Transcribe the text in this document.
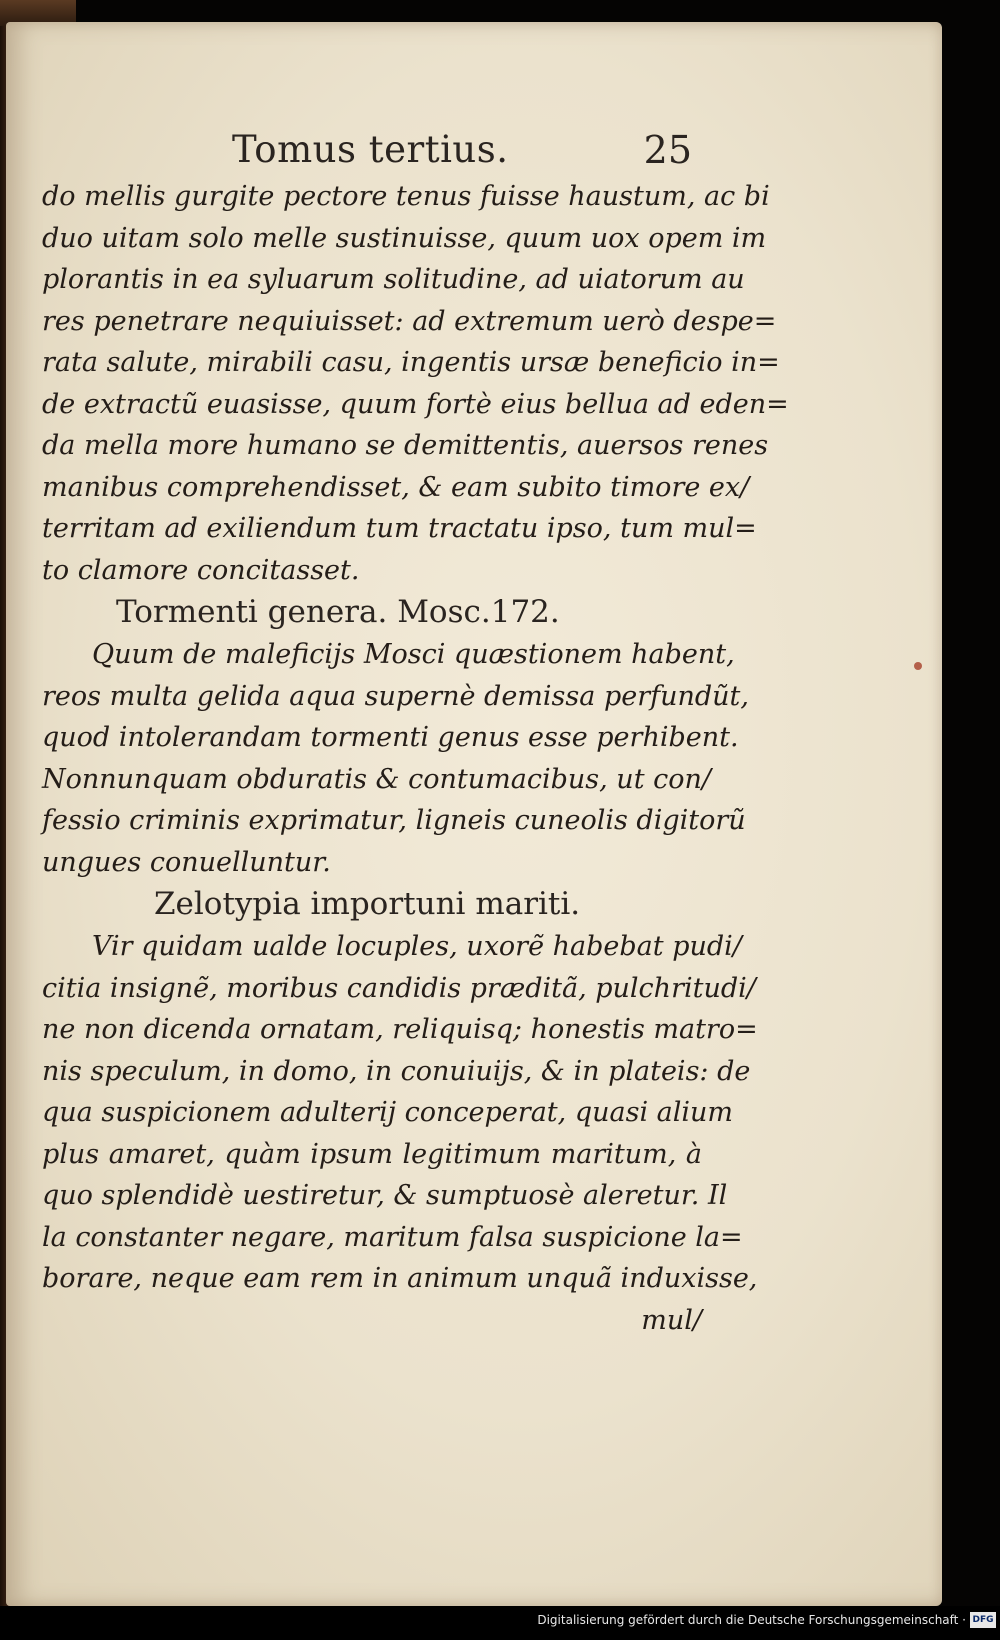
Tomus tertius.	25
do mellis gurgite pectore tenus fuisse haustum, ac bi
duo uitam solo melle sustinuisse, quum uox opem im
plorantis in ea syluarum solitudine, ad uiatorum au
res penetrare nequiuisset: ad extremum uerò despe=
rata salute, mirabili casu, ingentis ursæ beneficio in=
de extractũ euasisse, quum fortè eius bellua ad eden=
da mella more humano se demittentis, auersos renes
manibus comprehendisset, & eam subito timore ex/
territam ad exiliendum tum tractatu ipso, tum mul=
to clamore concitasset.
Tormenti genera. Mosc.172.
Quum de maleficijs Mosci quæstionem habent,
reos multa gelida aqua supernè demissa perfundũt,
quod intolerandam tormenti genus esse perhibent.
Nonnunquam obduratis & contumacibus, ut con/
fessio criminis exprimatur, ligneis cuneolis digitorũ
ungues conuelluntur.
Zelotypia importuni mariti.
Vir quidam ualde locuples, uxorẽ habebat pudi/
citia insignẽ, moribus candidis præditã, pulchritudi/
ne non dicenda ornatam, reliquisq; honestis matro=
nis speculum, in domo, in conuiuijs, & in plateis: de
qua suspicionem adulterij conceperat, quasi alium
plus amaret, quàm ipsum legitimum maritum, à
quo splendidè uestiretur, & sumptuosè aleretur. Il
la constanter negare, maritum falsa suspicione la=
borare, neque eam rem in animum unquã induxisse,
mul/
Digitalisierung gefördert durch die Deutsche Forschungsgemeinschaft · DFG
